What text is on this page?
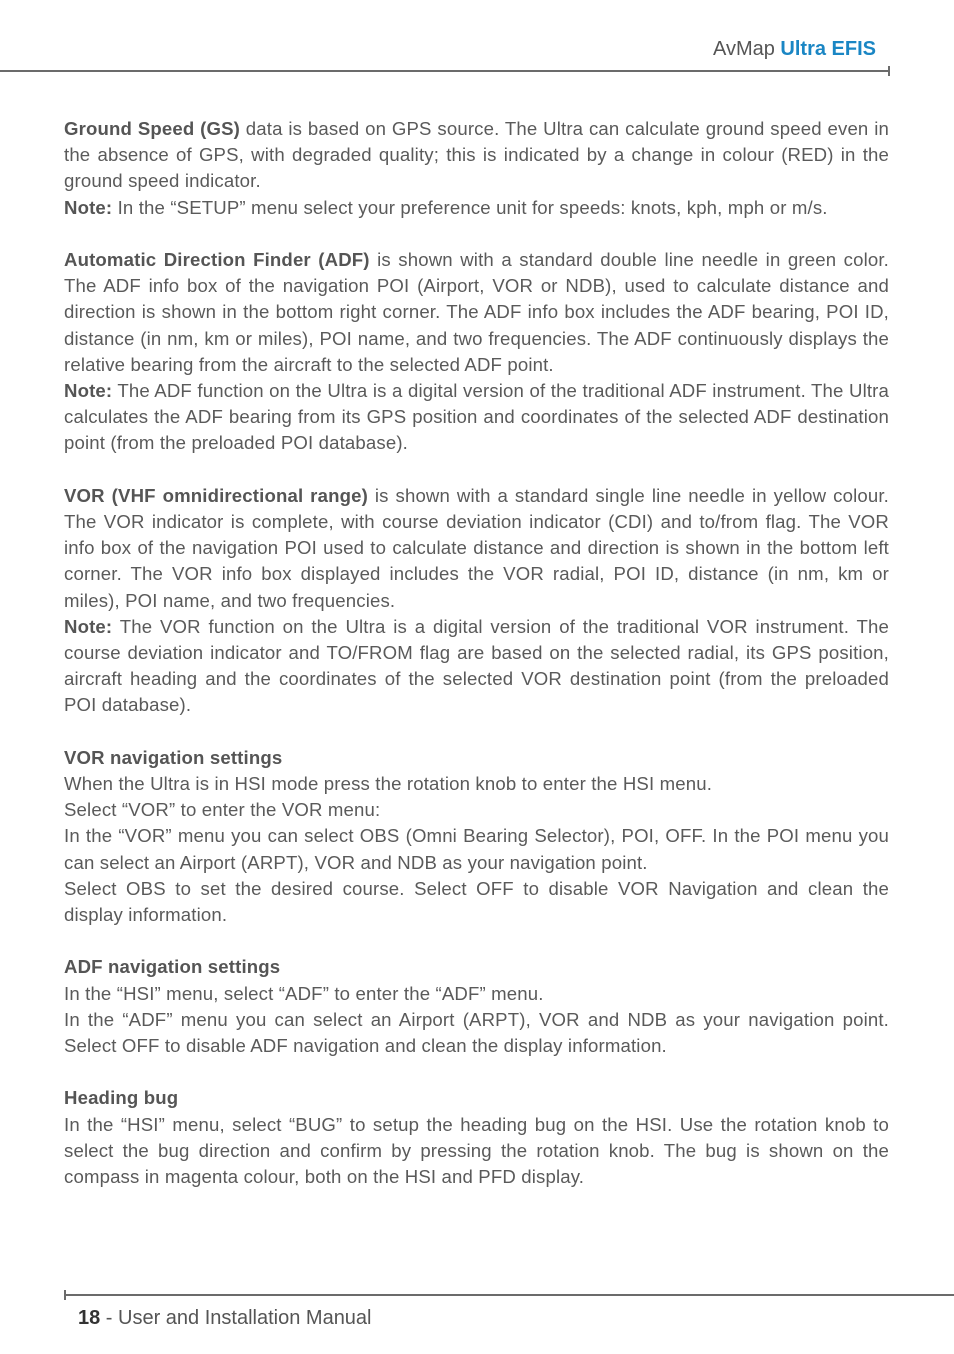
AvMap Ultra EFIS

Ground Speed (GS) data is based on GPS source. The Ultra can calculate ground speed even in the absence of GPS, with degraded quality; this is indicated by a change in colour (RED) in the ground speed indicator.

Note: In the “SETUP” menu select your preference unit for speeds: knots, kph, mph or m/s.

Automatic Direction Finder (ADF) is shown with a standard double line needle in green color. The ADF info box of the navigation POI (Airport, VOR or NDB), used to calculate distance and direction is shown in the bottom right corner. The ADF info box includes the ADF bearing, POI ID, distance (in nm, km or miles), POI name, and two frequencies. The ADF continuously displays the relative bearing from the aircraft to the selected ADF point.

Note: The ADF function on the Ultra is a digital version of the traditional ADF instrument. The Ultra calculates the ADF bearing from its GPS position and coordinates of the selected ADF destination point (from the preloaded POI database).

VOR (VHF omnidirectional range) is shown with a standard single line needle in yellow colour. The VOR indicator is complete, with course deviation indicator (CDI) and to/from flag. The VOR info box of the navigation POI used to calculate distance and direction is shown in the bottom left corner. The VOR info box displayed includes the VOR radial, POI ID, distance (in nm, km or miles), POI name, and two frequencies.

Note: The VOR function on the Ultra is a digital version of the traditional VOR instrument. The course deviation indicator and TO/FROM flag are based on the selected radial, its GPS position, aircraft heading and the coordinates of the selected VOR destination point (from the preloaded POI database).

VOR navigation settings

When the Ultra is in HSI mode press the rotation knob to enter the HSI menu.

Select “VOR” to enter the VOR menu:

In the “VOR” menu you can select OBS (Omni Bearing Selector), POI, OFF. In the POI menu you can select an Airport (ARPT), VOR and NDB as your navigation point.

Select OBS to set the desired course. Select OFF to disable VOR Navigation and clean the display information.

ADF navigation settings

In the “HSI” menu, select “ADF” to enter the “ADF” menu.

In the “ADF” menu you can select an Airport (ARPT), VOR and NDB as your navigation point. Select OFF to disable ADF navigation and clean the display information.

Heading bug

In the “HSI” menu, select “BUG” to setup the heading bug on the HSI. Use the rotation knob to select the bug direction and confirm by pressing the rotation knob. The bug is shown on the compass in magenta colour, both on the HSI and PFD display.

18 - User and Installation Manual
